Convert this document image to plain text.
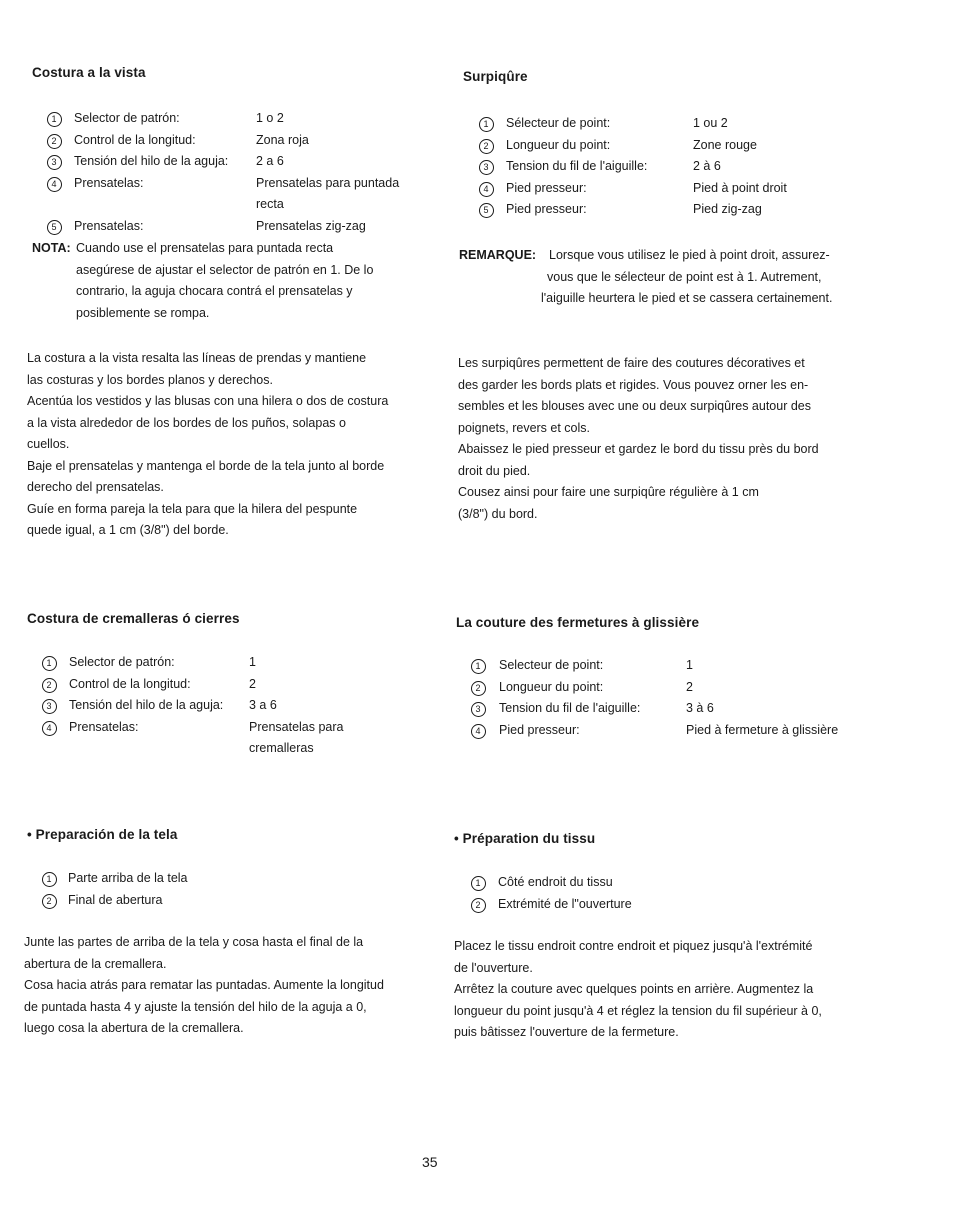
Costura a la vista
1	Selector de patrón:	1 o 2
2	Control de la longitud:	Zona roja
3	Tensión del hilo de la aguja: 2 a 6
4	Prensatelas:	Prensatelas para puntada
recta
5	Prensatelas:	Prensatelas zig-zag
NOTA: Cuando use el prensatelas para puntada recta
asegúrese de ajustar el selector de patrón en 1. De lo
contrario, la aguja chocara contrá el prensatelas y
posiblemente se rompa.
La costura a la vista resalta las líneas de prendas y mantiene
las costuras y los bordes planos y derechos.
Acentúa los vestidos y las blusas con una hilera o dos de costura
a la vista alrededor de los bordes de los puños, solapas o
cuellos.
Baje el prensatelas y mantenga el borde de la tela junto al borde
derecho del prensatelas.
Guíe en forma pareja la tela para que la hilera del pespunte
quede igual, a 1 cm (3/8") del borde.
Surpiqûre
1	Sélecteur de point:	1 ou 2
2	Longueur du point:	Zone rouge
3	Tension du fil de l'aiguille:	2 à 6
4	Pied presseur:	Pied à point droit
5	Pied presseur:	Pied zig-zag
REMARQUE: Lorsque vous utilisez le pied à point droit, assurez-
vous que le sélecteur de point est à 1. Autrement,
l'aiguille heurtera le pied et se cassera certainement.
Les surpiqûres permettent de faire des coutures décoratives et
des garder les bords plats et rigides. Vous pouvez orner les en-
sembles et les blouses avec une ou deux surpiqûres autour des
poignets, revers et cols.
Abaissez le pied presseur et gardez le bord du tissu près du bord
droit du pied.
Cousez ainsi pour faire une surpiqûre régulière à 1 cm
(3/8") du bord.
Costura de cremalleras ó cierres
1	Selector de patrón:	1
2	Control de la longitud:	2
3	Tensión del hilo de la aguja: 3 a 6
4	Prensatelas:	Prensatelas para
cremalleras
La couture des fermetures à glissière
1	Selecteur de point:	1
2	Longueur du point:	2
3	Tension du fil de l'aiguille:	3 à 6
4	Pied presseur:	Pied à fermeture à glissière
• Preparación de la tela
1	Parte arriba de la tela
2	Final de abertura
Junte las partes de arriba de la tela y cosa hasta el final de la
abertura de la cremallera.
Cosa hacia atrás para rematar las puntadas. Aumente la longitud
de puntada hasta 4 y ajuste la tensión del hilo de la aguja a 0,
luego cosa la abertura de la cremallera.
• Préparation du tissu
1	Côté endroit du tissu
2	Extrémité de l"ouverture
Placez le tissu endroit contre endroit et piquez jusqu'à l'extrémité
de l'ouverture.
Arrêtez la couture avec quelques points en arrière. Augmentez la
longueur du point jusqu'à 4 et réglez la tension du fil supérieur à 0,
puis bâtissez l'ouverture de la fermeture.
35
